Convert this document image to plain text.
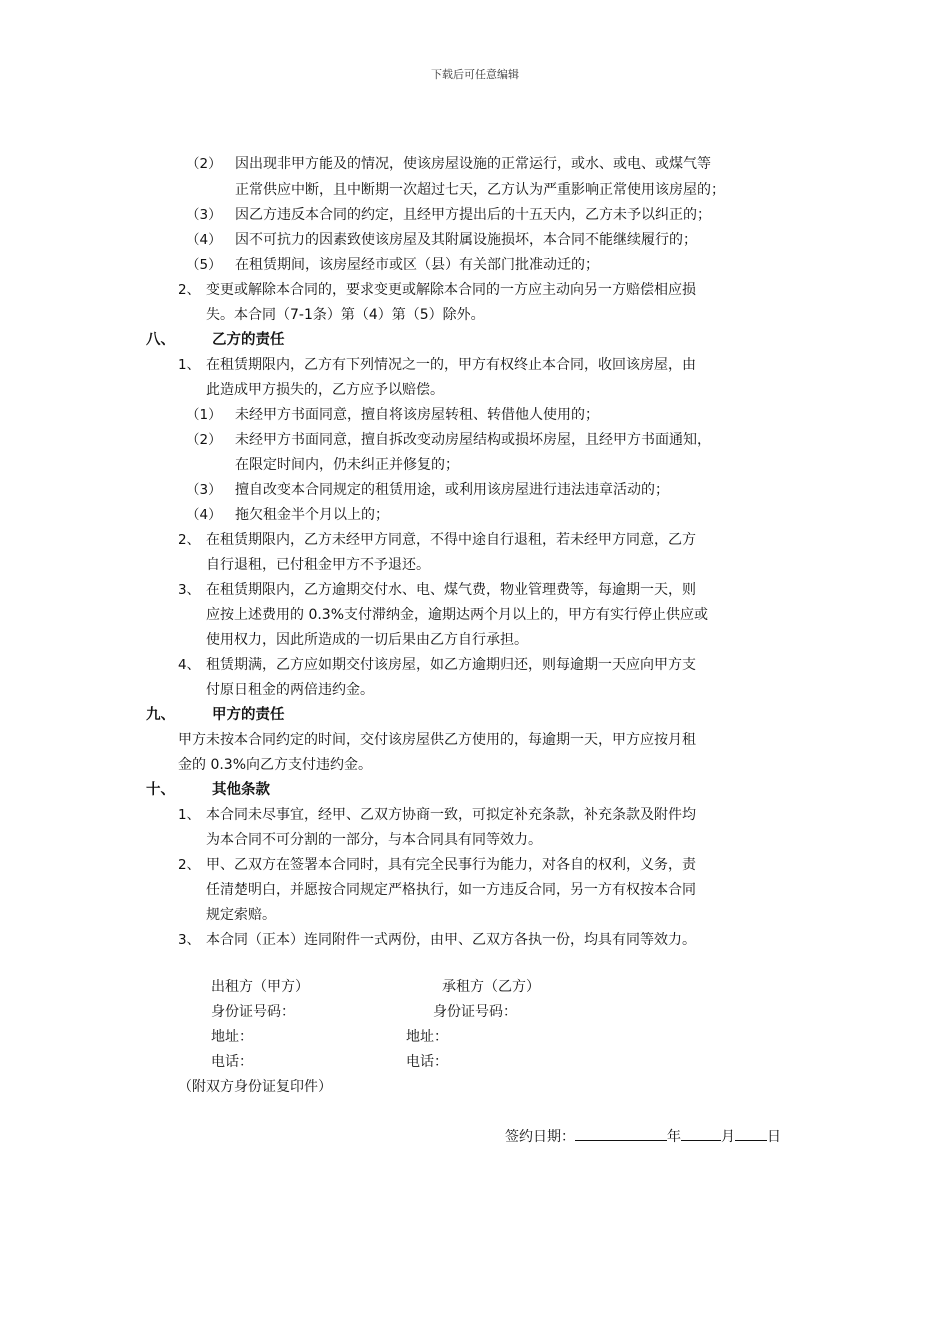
下载后可任意编辑
（2） 因出现非甲方能及的情况，使该房屋设施的正常运行，或水、或电、或煤气等
正常供应中断，且中断期一次超过七天，乙方认为严重影响正常使用该房屋的；
（3） 因乙方违反本合同的约定，且经甲方提出后的十五天内，乙方未予以纠正的；
（4） 因不可抗力的因素致使该房屋及其附属设施损坏，本合同不能继续履行的；
（5） 在租赁期间，该房屋经市或区（县）有关部门批准动迁的；
2、 变更或解除本合同的，要求变更或解除本合同的一方应主动向另一方赔偿相应损
失。本合同（7-1条）第（4）第（5）除外。
八、	乙方的责任
1、 在租赁期限内，乙方有下列情况之一的，甲方有权终止本合同，收回该房屋，由
此造成甲方损失的，乙方应予以赔偿。
（1） 未经甲方书面同意，擅自将该房屋转租、转借他人使用的；
（2） 未经甲方书面同意，擅自拆改变动房屋结构或损坏房屋，且经甲方书面通知，
在限定时间内，仍未纠正并修复的；
（3） 擅自改变本合同规定的租赁用途，或利用该房屋进行违法违章活动的；
（4） 拖欠租金半个月以上的；
2、 在租赁期限内，乙方未经甲方同意，不得中途自行退租，若未经甲方同意，乙方
自行退租，已付租金甲方不予退还。
3、 在租赁期限内，乙方逾期交付水、电、煤气费，物业管理费等，每逾期一天，则
应按上述费用的 0.3%支付滞纳金，逾期达两个月以上的，甲方有实行停止供应或
使用权力，因此所造成的一切后果由乙方自行承担。
4、 租赁期满，乙方应如期交付该房屋，如乙方逾期归还，则每逾期一天应向甲方支
付原日租金的两倍违约金。
九、	甲方的责任
甲方未按本合同约定的时间，交付该房屋供乙方使用的，每逾期一天，甲方应按月租
金的 0.3%向乙方支付违约金。
十、	其他条款
1、 本合同未尽事宜，经甲、乙双方协商一致，可拟定补充条款，补充条款及附件均
为本合同不可分割的一部分，与本合同具有同等效力。
2、 甲、乙双方在签署本合同时，具有完全民事行为能力，对各自的权利，义务，责
任清楚明白，并愿按合同规定严格执行，如一方违反合同，另一方有权按本合同
规定索赔。
3、 本合同（正本）连同附件一式两份，由甲、乙双方各执一份，均具有同等效力。
出租方（甲方）	承租方（乙方）
身份证号码：	身份证号码：
地址：	地址：
电话：	电话：
（附双方身份证复印件）
签约日期：	年	月 日
